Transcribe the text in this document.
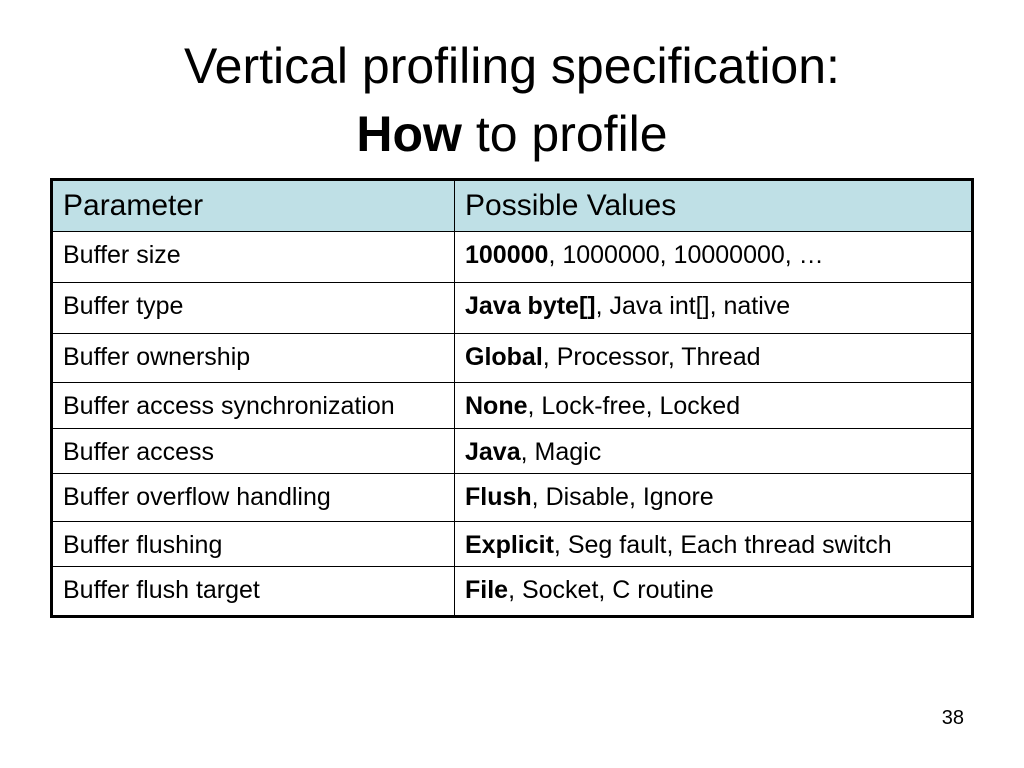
Vertical profiling specification:
How to profile
Parameter	Possible Values
Buffer size	100000, 1000000, 10000000, …
Buffer type	Java byte[], Java int[], native
Buffer ownership	Global, Processor, Thread
Buffer access synchronization	None, Lock-free, Locked
Buffer access	Java, Magic
Buffer overflow handling	Flush, Disable, Ignore
Buffer flushing	Explicit, Seg fault, Each thread switch
Buffer flush target	File, Socket, C routine
38
